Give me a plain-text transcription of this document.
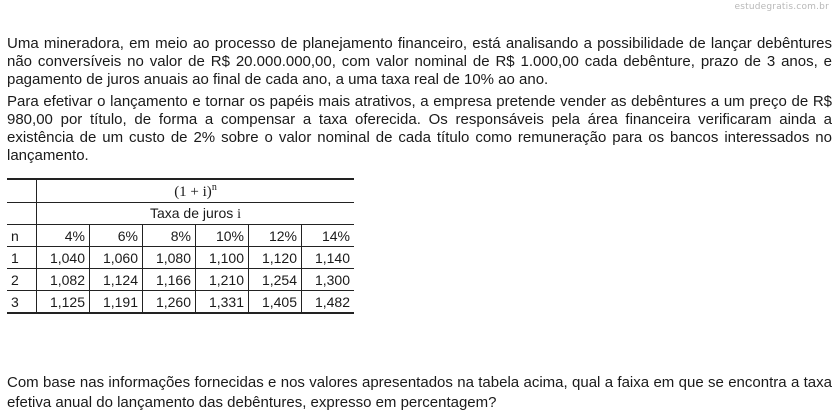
estudegratis.com.br
Uma mineradora, em meio ao processo de planejamento financeiro, está analisando a possibilidade de lançar debêntures não conversíveis no valor de R$ 20.000.000,00, com valor nominal de R$ 1.000,00 cada debênture, prazo de 3 anos, e pagamento de juros anuais ao final de cada ano, a uma taxa real de 10% ao ano.
Para efetivar o lançamento e tornar os papéis mais atrativos, a empresa pretende vender as debêntures a um preço de R$ 980,00 por título, de forma a compensar a taxa oferecida. Os responsáveis pela área financeira verificaram ainda a existência de um custo de 2% sobre o valor nominal de cada título como remuneração para os bancos interessados no lançamento.
	$(1 + i)^n$
	Taxa de juros i					
n	4%	6%	8%	10%	12%	14%
1	1,040	1,060	1,080	1,100	1,120	1,140
2	1,082	1,124	1,166	1,210	1,254	1,300
3	1,125	1,191	1,260	1,331	1,405	1,482
Com base nas informações fornecidas e nos valores apresentados na tabela acima, qual a faixa em que se encontra a taxa efetiva anual do lançamento das debêntures, expresso em percentagem?
